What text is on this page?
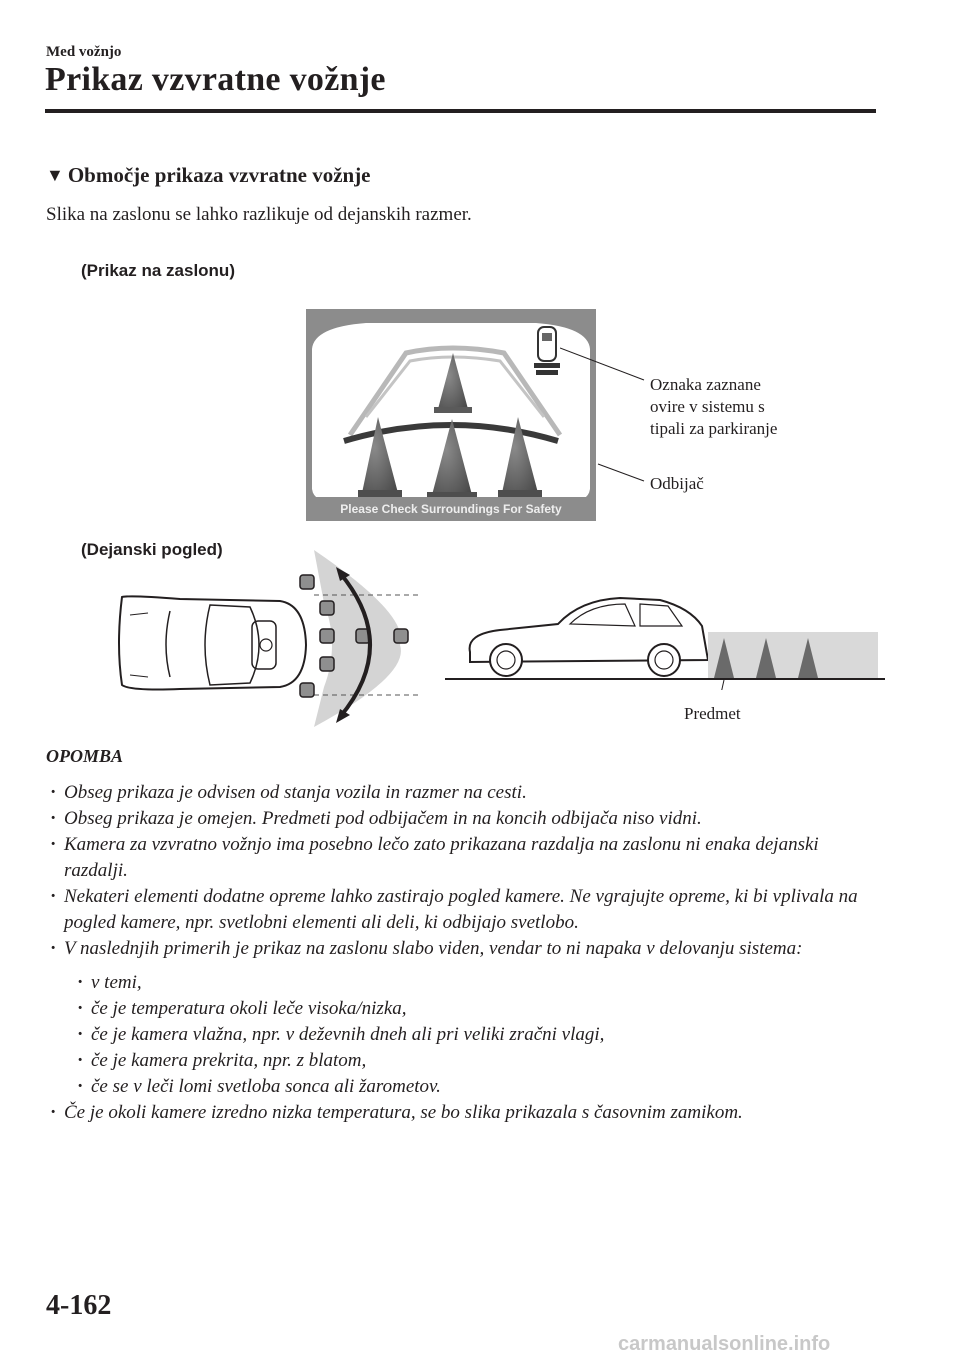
Med vožnjo
Prikaz vzvratne vožnje
▼ Območje prikaza vzvratne vožnje
Slika na zaslonu se lahko razlikuje od dejanskih razmer.
(Prikaz na zaslonu)
Please Check Surroundings For Safety
Oznaka zaznane
ovire v sistemu s
tipali za parkiranje
Odbijač
(Dejanski pogled)
Predmet
OPOMBA
· Obseg prikaza je odvisen od stanja vozila in razmer na cesti.
· Obseg prikaza je omejen. Predmeti pod odbijačem in na koncih odbijača niso vidni.
· Kamera za vzvratno vožnjo ima posebno lečo zato prikazana razdalja na zaslonu ni enaka dejanski razdalji.
· Nekateri elementi dodatne opreme lahko zastirajo pogled kamere. Ne vgrajujte opreme, ki bi vplivala na pogled kamere, npr. svetlobni elementi ali deli, ki odbijajo svetlobo.
· V naslednjih primerih je prikaz na zaslonu slabo viden, vendar to ni napaka v delovanju sistema:
· v temi,
· če je temperatura okoli leče visoka/nizka,
· če je kamera vlažna, npr. v deževnih dneh ali pri veliki zračni vlagi,
· če je kamera prekrita, npr. z blatom,
· če se v leči lomi svetloba sonca ali žarometov.
· Če je okoli kamere izredno nizka temperatura, se bo slika prikazala s časovnim zamikom.
4-162
carmanualsonline.info
